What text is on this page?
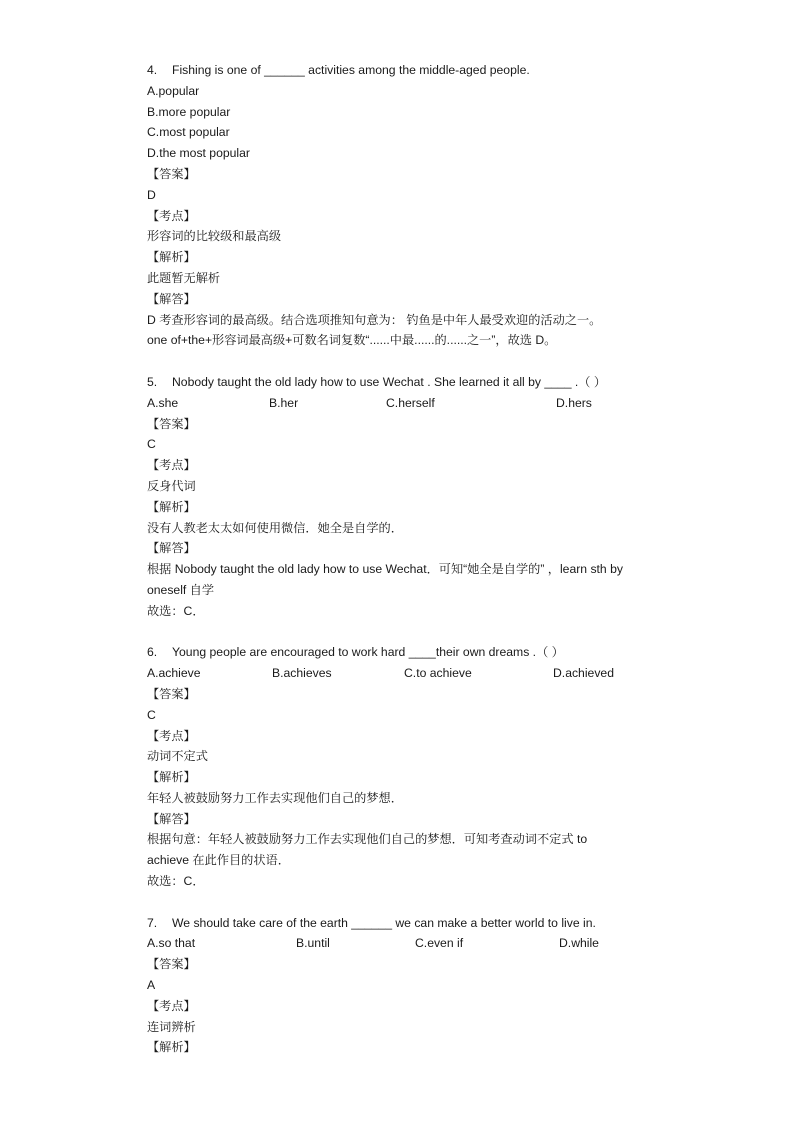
4. Fishing is one of ______ activities among the middle-aged people.
A.popular
B.more popular
C.most popular
D.the most popular
【答案】
D
【考点】
形容词的比较级和最高级
【解析】
此题暂无解析
【解答】
D 考查形容词的最高级。结合选项推知句意为： 钓鱼是中年人最受欢迎的活动之一。
one of+the+形容词最高级+可数名词复数“......中最......的......之一”，故选 D。
5. Nobody taught the old lady how to use Wechat . She learned it all by ____ .（ ）
A.she	B.her	C.herself	D.hers
【答案】
C
【考点】
反身代词
【解析】
没有人教老太太如何使用微信．她全是自学的．
【解答】
根据 Nobody taught the old lady how to use Wechat．可知“她全是自学的” ，learn sth by
oneself 自学
故选：C．
6. Young people are encouraged to work hard ____their own dreams .（ ）
A.achieve	B.achieves	C.to achieve	D.achieved
【答案】
C
【考点】
动词不定式
【解析】
年轻人被鼓励努力工作去实现他们自己的梦想．
【解答】
根据句意：年轻人被鼓励努力工作去实现他们自己的梦想．可知考查动词不定式 to
achieve 在此作目的状语．
故选：C．
7. We should take care of the earth ______ we can make a better world to live in.
A.so that	B.until	C.even if	D.while
【答案】
A
【考点】
连词辨析
【解析】
